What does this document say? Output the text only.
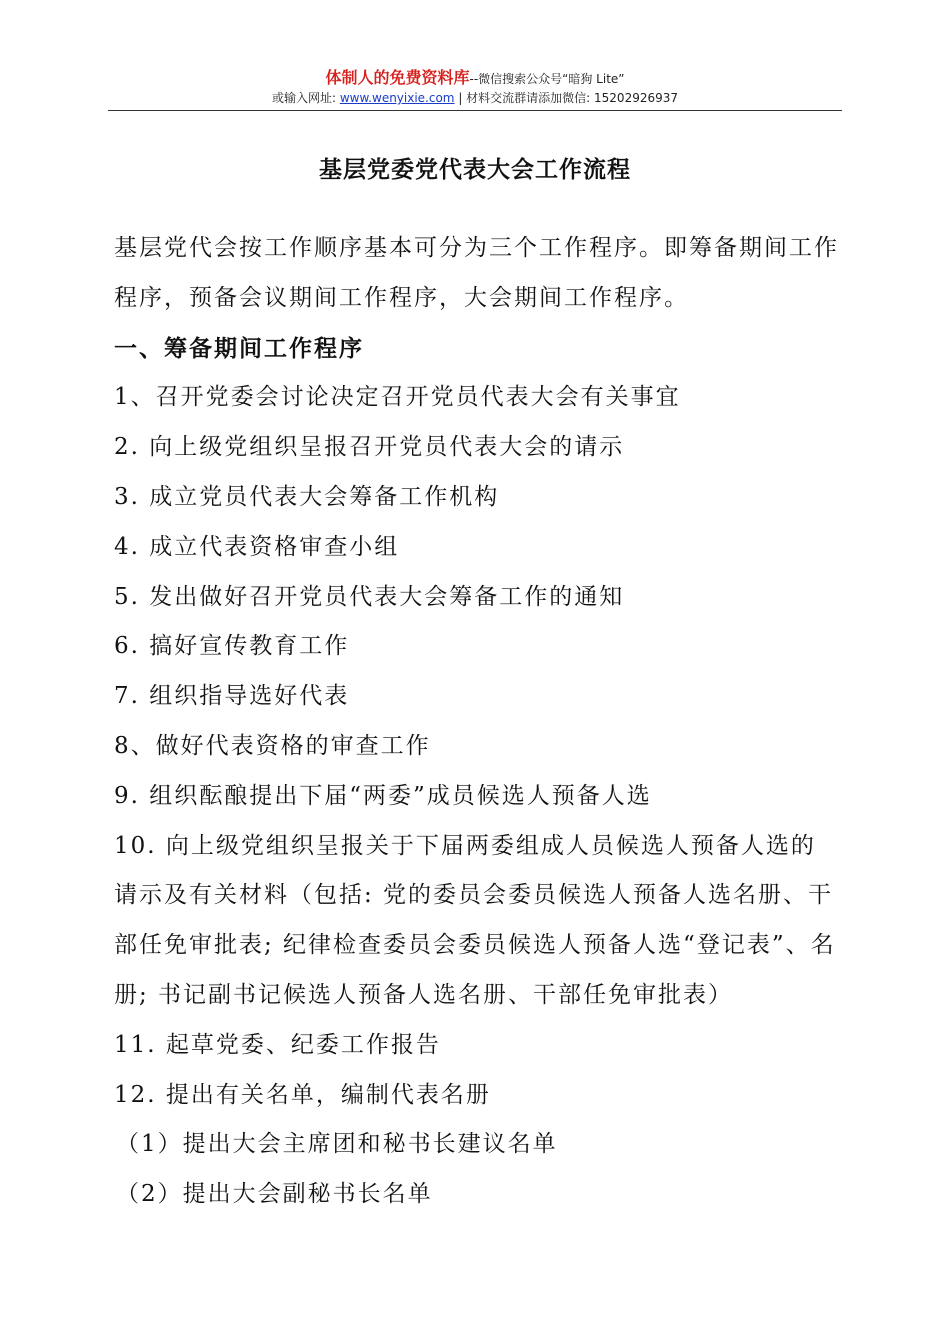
体制人的免费资料库--微信搜索公众号“暗狗 Lite”
或输入网址: www.wenyixie.com | 材料交流群请添加微信: 15202926937
基层党委党代表大会工作流程

基层党代会按工作顺序基本可分为三个工作程序。即筹备期间工作程序，预备会议期间工作程序，大会期间工作程序。

一、筹备期间工作程序

1、召开党委会讨论决定召开党员代表大会有关事宜

2. 向上级党组织呈报召开党员代表大会的请示

3. 成立党员代表大会筹备工作机构

4. 成立代表资格审查小组

5. 发出做好召开党员代表大会筹备工作的通知

6. 搞好宣传教育工作

7. 组织指导选好代表

8、做好代表资格的审查工作

9. 组织酝酿提出下届“两委”成员候选人预备人选

10. 向上级党组织呈报关于下届两委组成人员候选人预备人选的请示及有关材料（包括: 党的委员会委员候选人预备人选名册、干部任免审批表; 纪律检查委员会委员候选人预备人选“登记表”、名册; 书记副书记候选人预备人选名册、干部任免审批表）

11. 起草党委、纪委工作报告

12. 提出有关名单，编制代表名册

（1）提出大会主席团和秘书长建议名单

（2）提出大会副秘书长名单
